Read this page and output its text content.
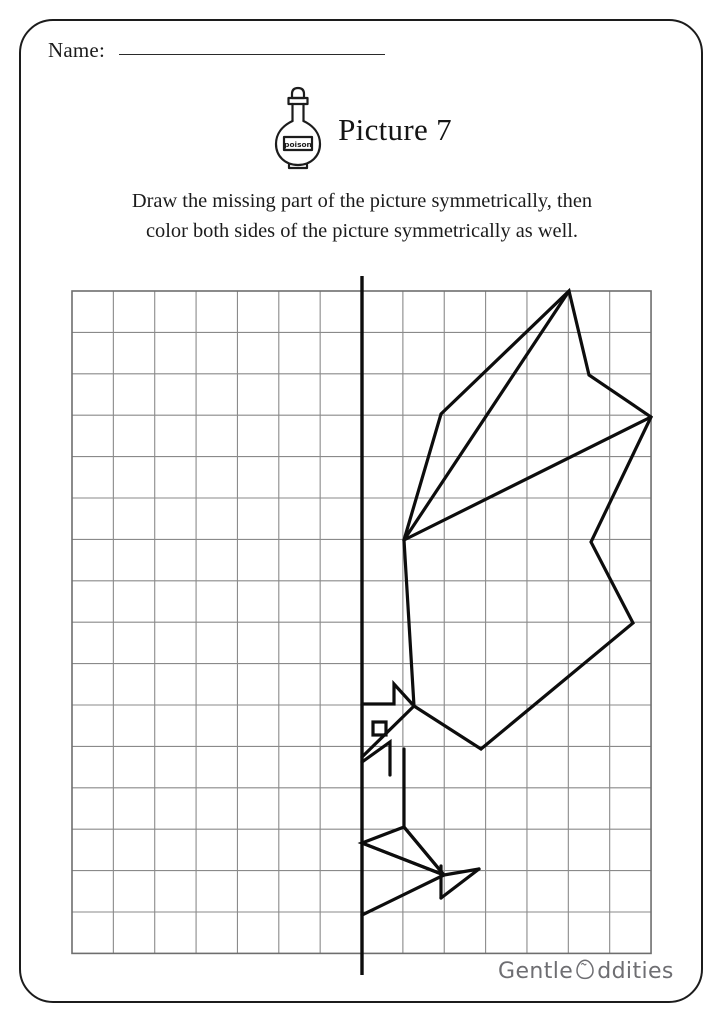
Name:
poison Picture 7
Draw the missing part of the picture symmetrically, then
color both sides of the picture symmetrically as well.
Gentle ddities
